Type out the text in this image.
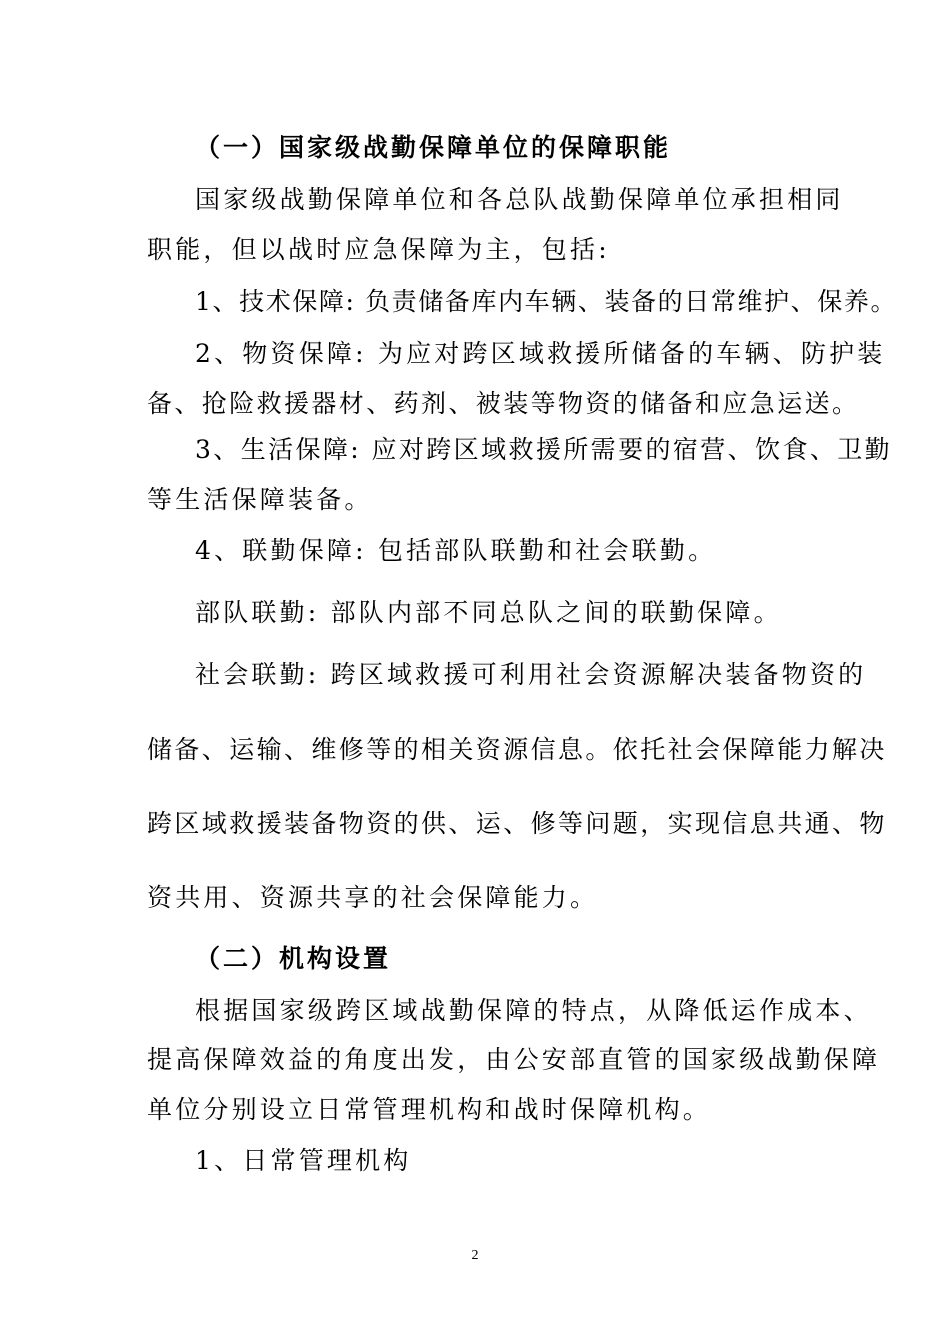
（一）国家级战勤保障单位的保障职能

国家级战勤保障单位和各总队战勤保障单位承担相同

职能，但以战时应急保障为主，包括:

1、技术保障: 负责储备库内车辆、装备的日常维护、保养。

2、物资保障: 为应对跨区域救援所储备的车辆、防护装

备、抢险救援器材、药剂、被装等物资的储备和应急运送。

3、生活保障: 应对跨区域救援所需要的宿营、饮食、卫勤

等生活保障装备。

4、联勤保障: 包括部队联勤和社会联勤。

部队联勤: 部队内部不同总队之间的联勤保障。

社会联勤: 跨区域救援可利用社会资源解决装备物资的

储备、运输、维修等的相关资源信息。依托社会保障能力解决

跨区域救援装备物资的供、运、修等问题，实现信息共通、物

资共用、资源共享的社会保障能力。

（二）机构设置

根据国家级跨区域战勤保障的特点，从降低运作成本、

提高保障效益的角度出发，由公安部直管的国家级战勤保障

单位分别设立日常管理机构和战时保障机构。

1、日常管理机构

2
